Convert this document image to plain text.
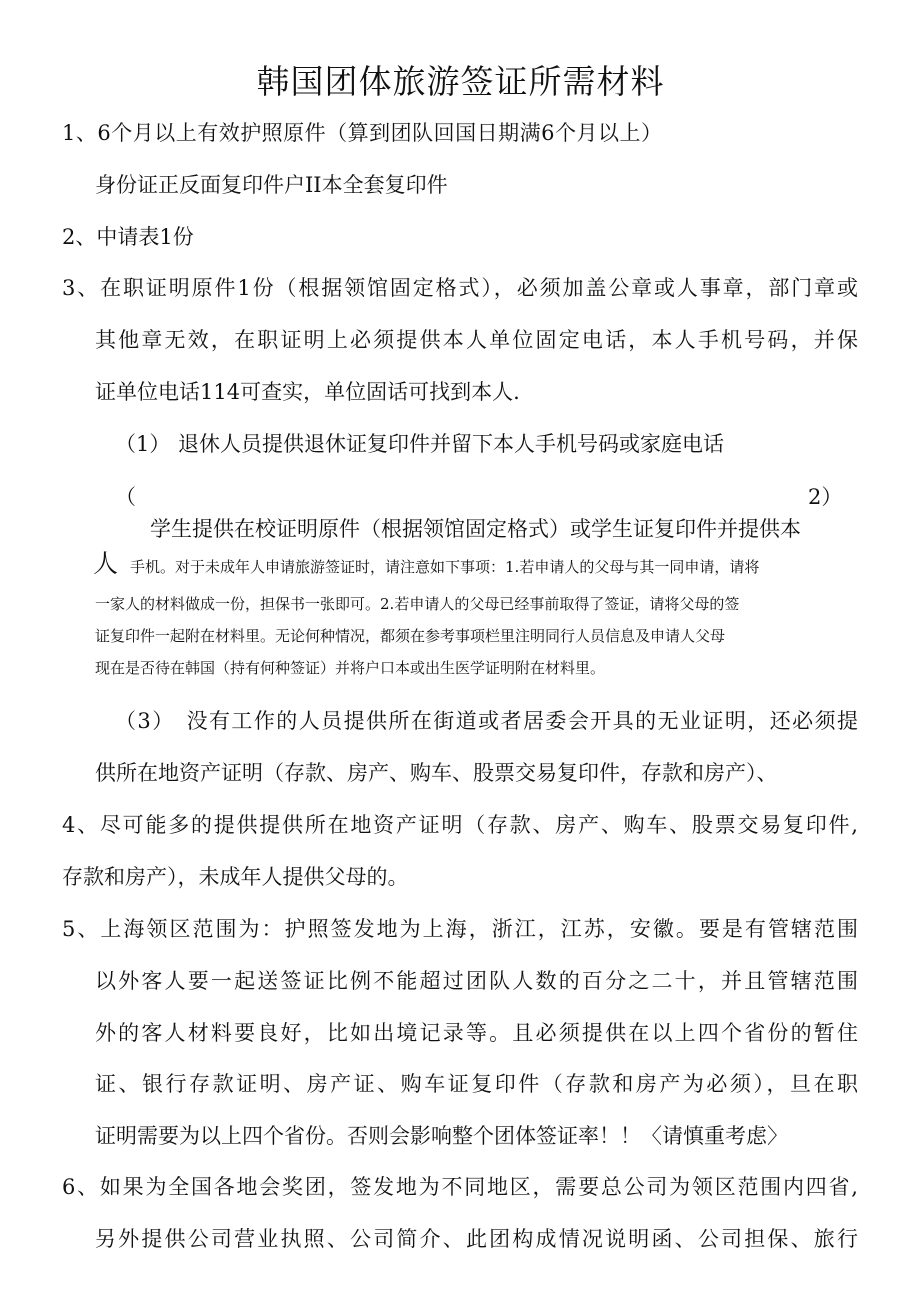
韩国团体旅游签证所需材料

1、6个月以上有效护照原件（算到团队回国日期满6个月以上）

身份证正反面复印件户II本全套复印件

2、中请表1份

3、在职证明原件1份（根据领馆固定格式），必须加盖公章或人事章，部门章或

其他章无效，在职证明上必须提供本人单位固定电话，本人手机号码，并保

证单位电话114可查实，单位固话可找到本人.

（1） 退休人员提供退休证复印件并留下本人手机号码或家庭电话

（	2）

学生提供在校证明原件（根据领馆固定格式）或学生证复印件并提供本

人 手机。对于未成年人申请旅游签证时，请注意如下事项：1.若申请人的父母与其一同申请，请将

一家人的材料做成一份，担保书一张即可。2.若申请人的父母已经事前取得了签证，请将父母的签

证复印件一起附在材料里。无论何种情况，都须在参考事项栏里注明同行人员信息及申请人父母

现在是否待在韩国（持有何种签证）并将户口本或出生医学证明附在材料里。

（3）　没有工作的人员提供所在街道或者居委会开具的无业证明，还必须提

供所在地资产证明（存款、房产、购车、股票交易复印件，存款和房产）、

4、尽可能多的提供提供所在地资产证明（存款、房产、购车、股票交易复印件,

存款和房产），未成年人提供父母的。

5、上海领区范围为：护照签发地为上海，浙江，江苏，安徽。要是有管辖范围

以外客人要一起送签证比例不能超过团队人数的百分之二十，并且管辖范围

外的客人材料要良好，比如出境记录等。且必须提供在以上四个省份的暂住

证、银行存款证明、房产证、购车证复印件（存款和房产为必须），旦在职

证明需要为以上四个省份。否则会影响整个团体签证率！！〈请慎重考虑〉

6、如果为全国各地会奖团，签发地为不同地区，需要总公司为领区范围内四省,

另外提供公司营业执照、公司简介、此团构成情况说明函、公司担保、旅行
